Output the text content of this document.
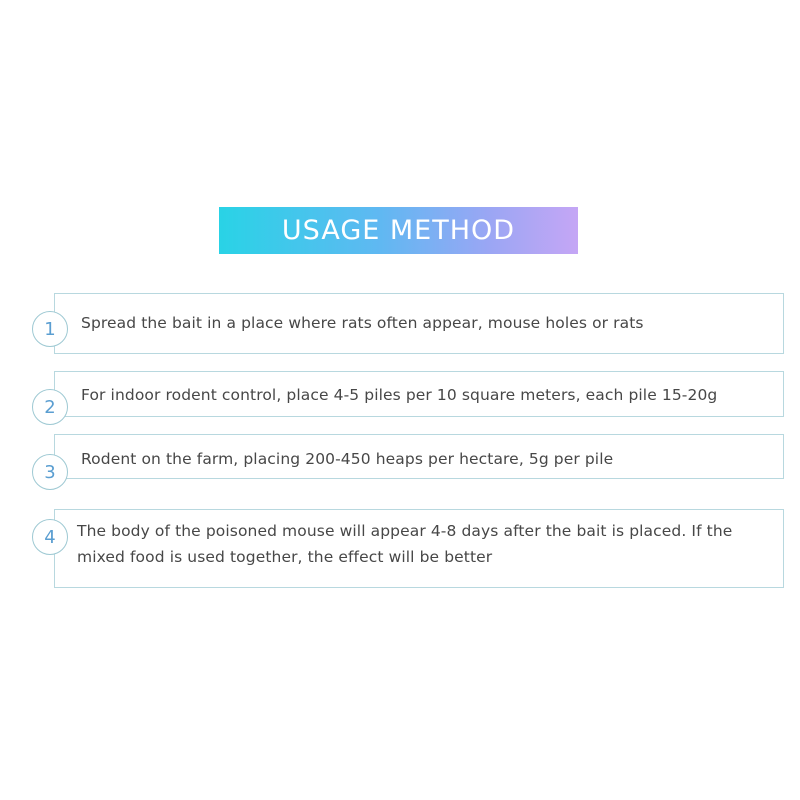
USAGE METHOD
1	Spread the bait in a place where rats often appear, mouse holes or rats
2
For indoor rodent control, place 4-5 piles per 10 square meters, each pile 15-20g
3
Rodent on the farm, placing 200-450 heaps per hectare, 5g per pile
4	The body of the poisoned mouse will appear 4-8 days after the bait is placed. If the mixed food is used together, the effect will be better
